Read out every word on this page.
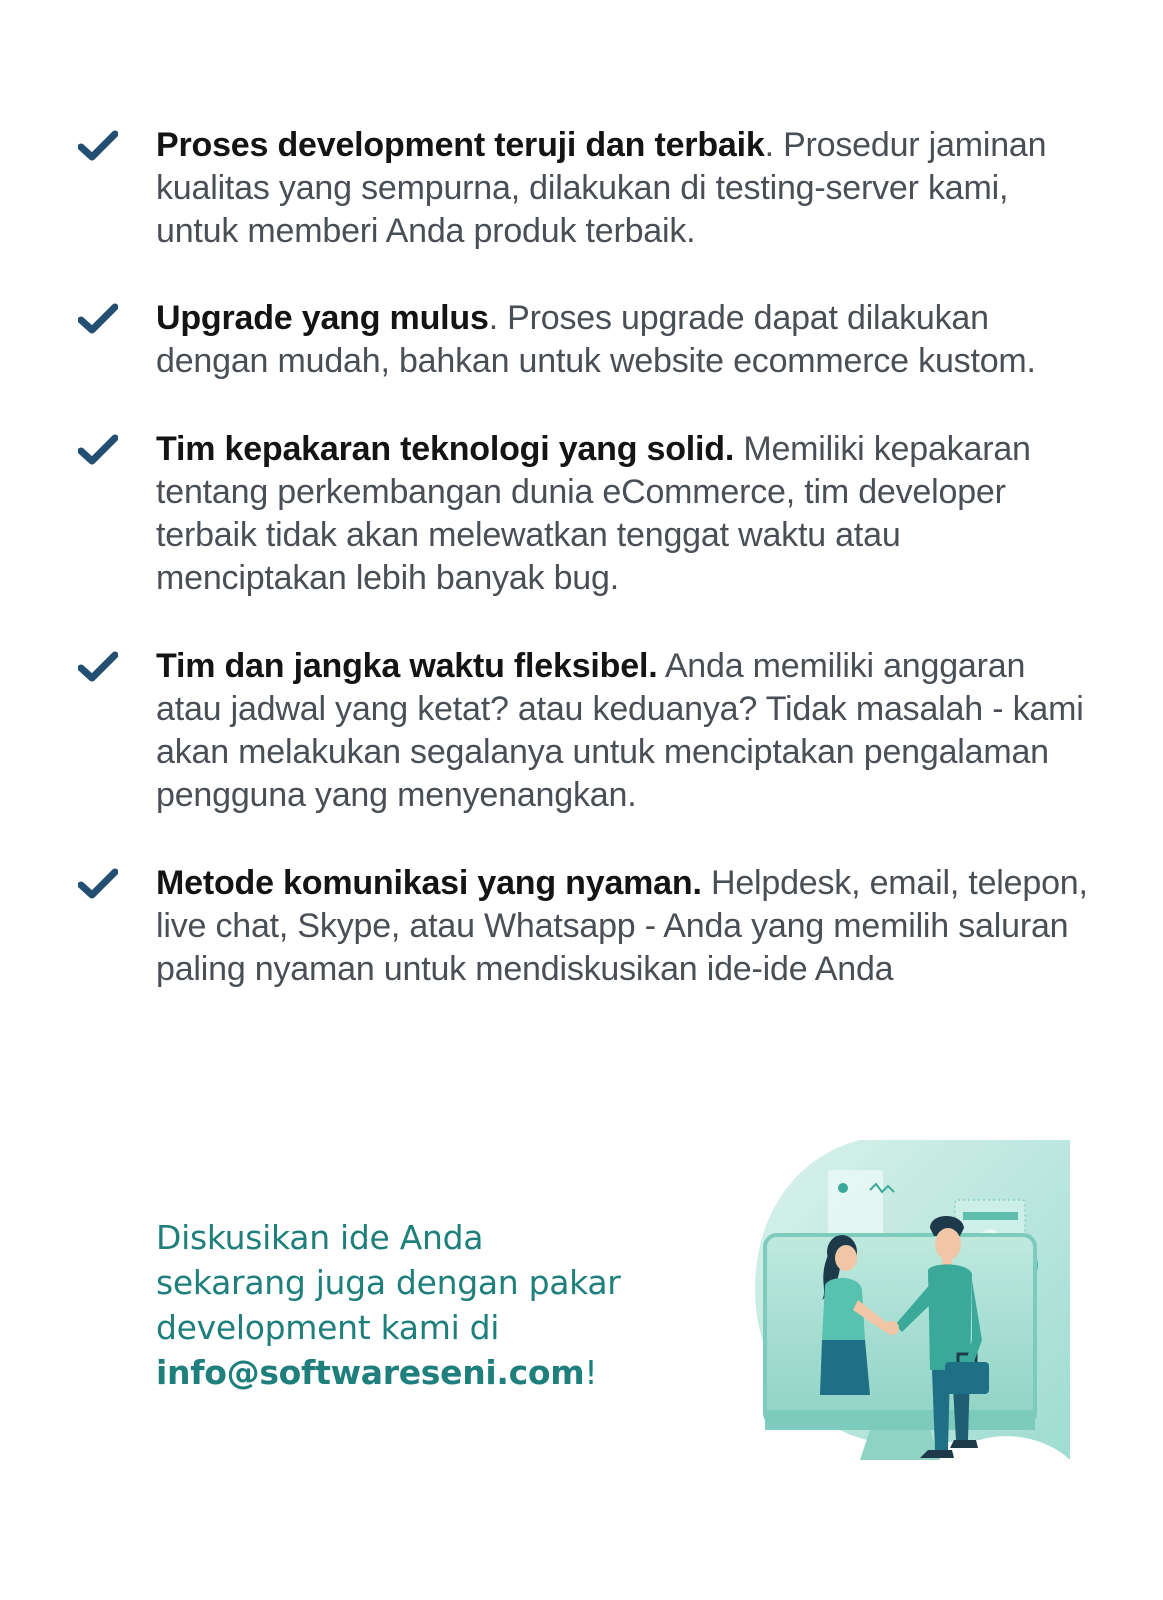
Proses development teruji dan terbaik. Prosedur jaminan kualitas yang sempurna, dilakukan di testing-server kami, untuk memberi Anda produk terbaik.
Upgrade yang mulus. Proses upgrade dapat dilakukan dengan mudah, bahkan untuk website ecommerce kustom.
Tim kepakaran teknologi yang solid. Memiliki kepakaran tentang perkembangan dunia eCommerce, tim developer terbaik tidak akan melewatkan tenggat waktu atau menciptakan lebih banyak bug.
Tim dan jangka waktu fleksibel. Anda memiliki anggaran atau jadwal yang ketat? atau keduanya? Tidak masalah - kami akan melakukan segalanya untuk menciptakan pengalaman pengguna yang menyenangkan.
Metode komunikasi yang nyaman. Helpdesk, email, telepon, live chat, Skype, atau Whatsapp - Anda yang memilih saluran paling nyaman untuk mendiskusikan ide-ide Anda
Diskusikan ide Anda
sekarang juga dengan pakar
development kami di
info@softwareseni.com!
